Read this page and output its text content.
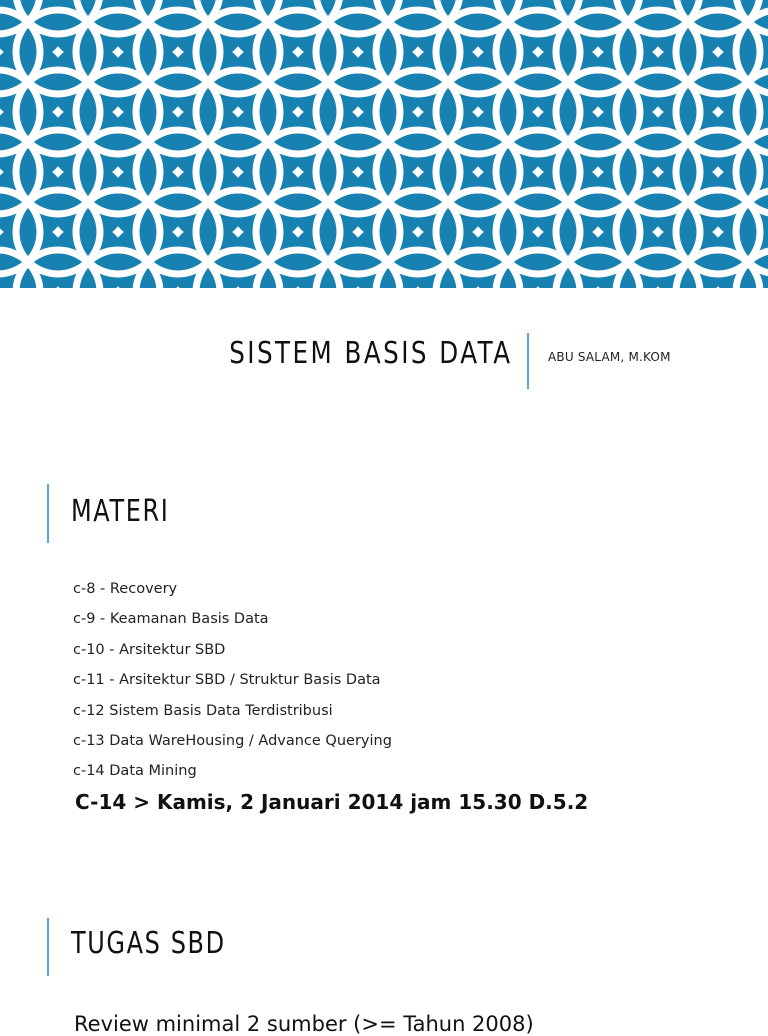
SISTEM BASIS DATA	ABU SALAM, M.KOM
MATERI
c-8 - Recovery
c-9 - Keamanan Basis Data
c-10 - Arsitektur SBD
c-11 - Arsitektur SBD / Struktur Basis Data
c-12 Sistem Basis Data Terdistribusi
c-13 Data WareHousing / Advance Querying
c-14 Data Mining
C-14 > Kamis, 2 Januari 2014 jam 15.30 D.5.2
TUGAS SBD
Review minimal 2 sumber (>= Tahun 2008)
